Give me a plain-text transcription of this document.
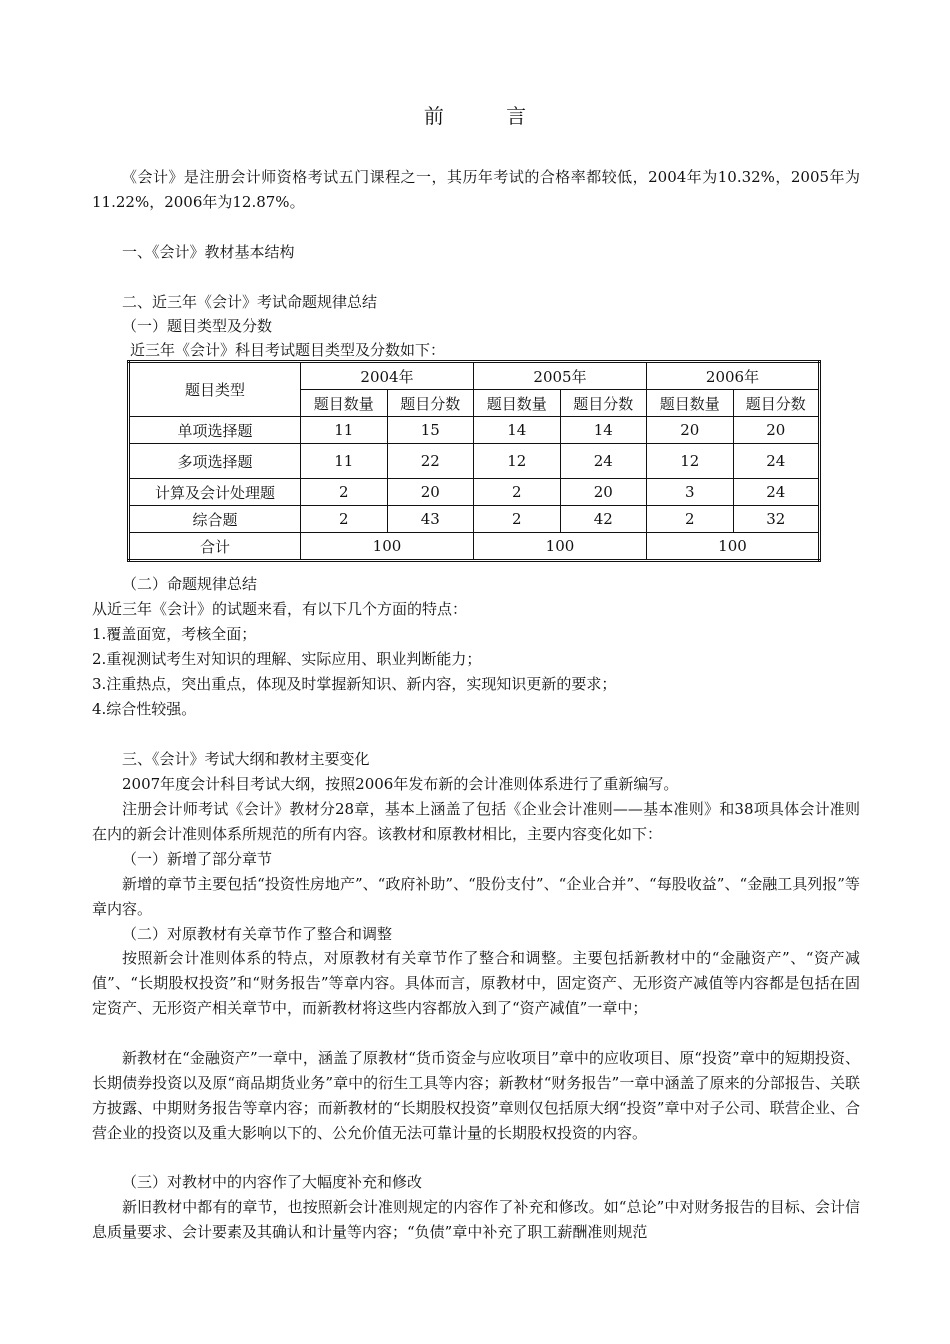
前 言

《会计》是注册会计师资格考试五门课程之一，其历年考试的合格率都较低，2004年为10.32%，2005年为11.22%，2006年为12.87%。

一、《会计》教材基本结构

二、近三年《会计》考试命题规律总结

（一）题目类型及分数

近三年《会计》科目考试题目类型及分数如下：

题目类型	2004年		2005年		2006年	
	题目数量	题目分数	题目数量	题目分数	题目数量	题目分数
单项选择题	11	15	14	14	20	20
多项选择题	11	22	12	24	12	24
计算及会计处理题	2	20	2	20	3	24
综合题	2	43	2	42	2	32
合计	100		100		100	

（二）命题规律总结

从近三年《会计》的试题来看，有以下几个方面的特点：

1.覆盖面宽，考核全面；

2.重视测试考生对知识的理解、实际应用、职业判断能力；

3.注重热点，突出重点，体现及时掌握新知识、新内容，实现知识更新的要求；

4.综合性较强。

三、《会计》考试大纲和教材主要变化

2007年度会计科目考试大纲，按照2006年发布新的会计准则体系进行了重新编写。

注册会计师考试《会计》教材分28章，基本上涵盖了包括《企业会计准则——基本准则》和38项具体会计准则在内的新会计准则体系所规范的所有内容。该教材和原教材相比，主要内容变化如下：

（一）新增了部分章节

新增的章节主要包括“投资性房地产”、“政府补助”、“股份支付”、“企业合并”、“每股收益”、“金融工具列报”等章内容。

（二）对原教材有关章节作了整合和调整

按照新会计准则体系的特点，对原教材有关章节作了整合和调整。主要包括新教材中的“金融资产”、“资产减值”、“长期股权投资”和“财务报告”等章内容。具体而言，原教材中，固定资产、无形资产减值等内容都是包括在固定资产、无形资产相关章节中，而新教材将这些内容都放入到了“资产减值”一章中；

新教材在“金融资产”一章中，涵盖了原教材“货币资金与应收项目”章中的应收项目、原“投资”章中的短期投资、长期债券投资以及原“商品期货业务”章中的衍生工具等内容；新教材“财务报告”一章中涵盖了原来的分部报告、关联方披露、中期财务报告等章内容；而新教材的“长期股权投资”章则仅包括原大纲“投资”章中对子公司、联营企业、合营企业的投资以及重大影响以下的、公允价值无法可靠计量的长期股权投资的内容。

（三）对教材中的内容作了大幅度补充和修改

新旧教材中都有的章节，也按照新会计准则规定的内容作了补充和修改。如“总论”中对财务报告的目标、会计信息质量要求、会计要素及其确认和计量等内容；“负债”章中补充了职工薪酬准则规范
